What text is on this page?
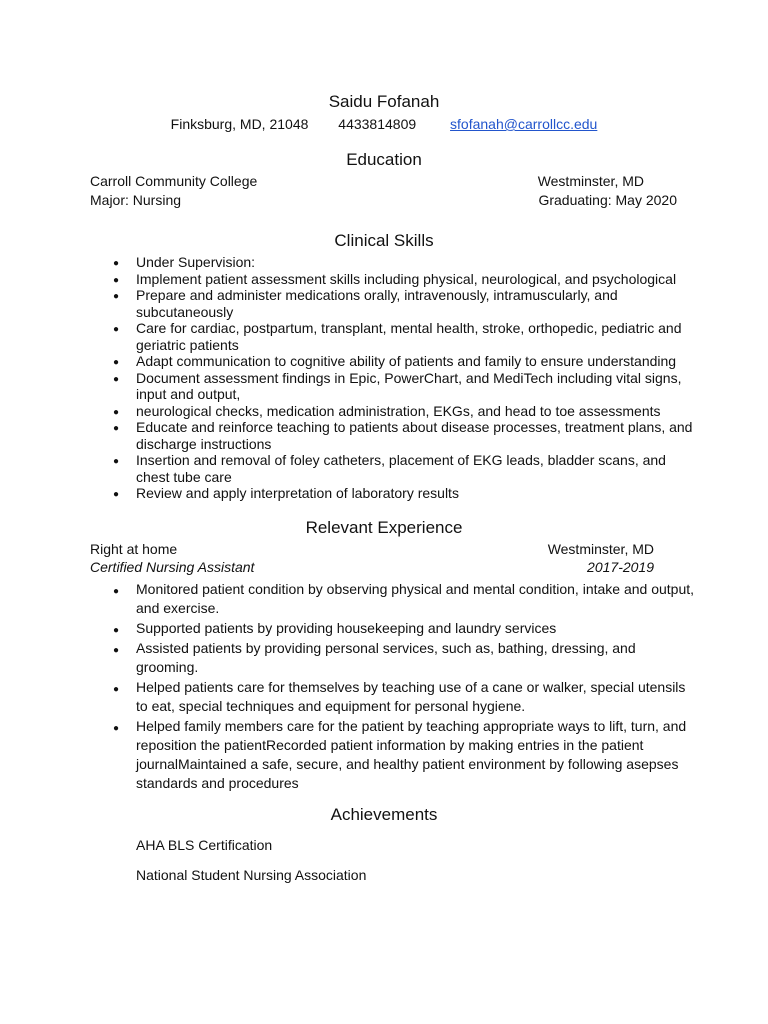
Saidu Fofanah
Finksburg, MD, 21048 4433814809 sfofanah@carrollcc.edu
Education
Carroll Community College	Westminster, MD
Major: Nursing	Graduating: May 2020
Clinical Skills
● Under Supervision:
● Implement patient assessment skills including physical, neurological, and psychological
● Prepare and administer medications orally, intravenously, intramuscularly, and subcutaneously
● Care for cardiac, postpartum, transplant, mental health, stroke, orthopedic, pediatric and geriatric patients
● Adapt communication to cognitive ability of patients and family to ensure understanding
● Document assessment findings in Epic, PowerChart, and MediTech including vital signs, input and output,
● neurological checks, medication administration, EKGs, and head to toe assessments
● Educate and reinforce teaching to patients about disease processes, treatment plans, and discharge instructions
● Insertion and removal of foley catheters, placement of EKG leads, bladder scans, and chest tube care
● Review and apply interpretation of laboratory results
Relevant Experience
Right at home	Westminster, MD
Certified Nursing Assistant	2017-2019
● Monitored patient condition by observing physical and mental condition, intake and output, and exercise.
● Supported patients by providing housekeeping and laundry services
● Assisted patients by providing personal services, such as, bathing, dressing, and grooming.
● Helped patients care for themselves by teaching use of a cane or walker, special utensils to eat, special techniques and equipment for personal hygiene.
● Helped family members care for the patient by teaching appropriate ways to lift, turn, and reposition the patientRecorded patient information by making entries in the patient journalMaintained a safe, secure, and healthy patient environment by following asepses standards and procedures
Achievements
AHA BLS Certification
National Student Nursing Association
